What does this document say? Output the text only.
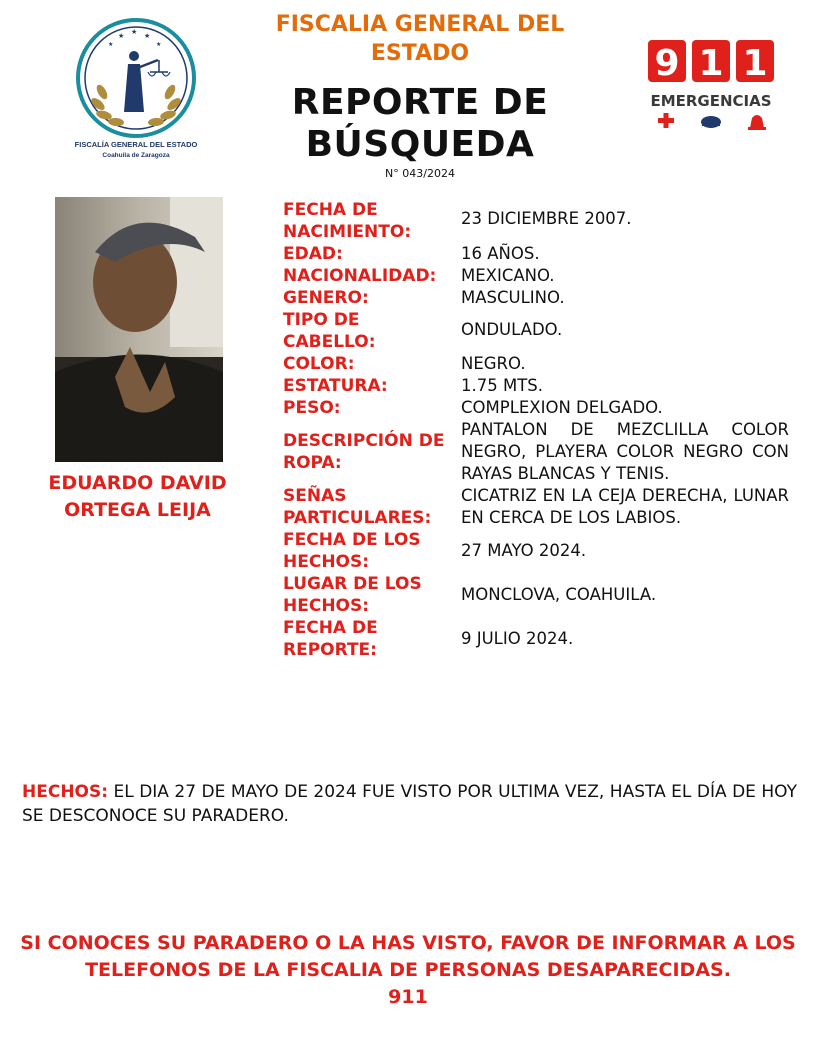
★ ★ ★
★	★
FISCALÍA GENERAL DEL ESTADO
Coahuila de Zaragoza
FISCALIA GENERAL DEL ESTADO
REPORTE DE
BÚSQUEDA
N° 043/2024
9 1 1
EMERGENCIAS
EDUARDO DAVID
ORTEGA LEIJA
FECHA DE NACIMIENTO:
23 DICIEMBRE 2007.
EDAD:	16 AÑOS.
NACIONALIDAD:	MEXICANO.
GENERO:	MASCULINO.
TIPO DE CABELLO:
ONDULADO.
COLOR:	NEGRO.
ESTATURA:	1.75 MTS.
PESO:	COMPLEXION DELGADO.
DESCRIPCIÓN DE ROPA:
PANTALON DE MEZCLILLA COLOR NEGRO, PLAYERA COLOR NEGRO CON RAYAS BLANCAS Y TENIS.
SEÑAS PARTICULARES:
CICATRIZ EN LA CEJA DERECHA, LUNAR EN CERCA DE LOS LABIOS.
FECHA DE LOS HECHOS:
27 MAYO 2024.
LUGAR DE LOS HECHOS:
MONCLOVA, COAHUILA.
FECHA DE REPORTE:
9 JULIO 2024.
HECHOS: EL DIA 27 DE MAYO DE 2024 FUE VISTO POR ULTIMA VEZ, HASTA EL DÍA DE HOY SE DESCONOCE SU PARADERO.
SI CONOCES SU PARADERO O LA HAS VISTO, FAVOR DE INFORMAR A LOS TELEFONOS DE LA FISCALIA DE PERSONAS DESAPARECIDAS.
911
